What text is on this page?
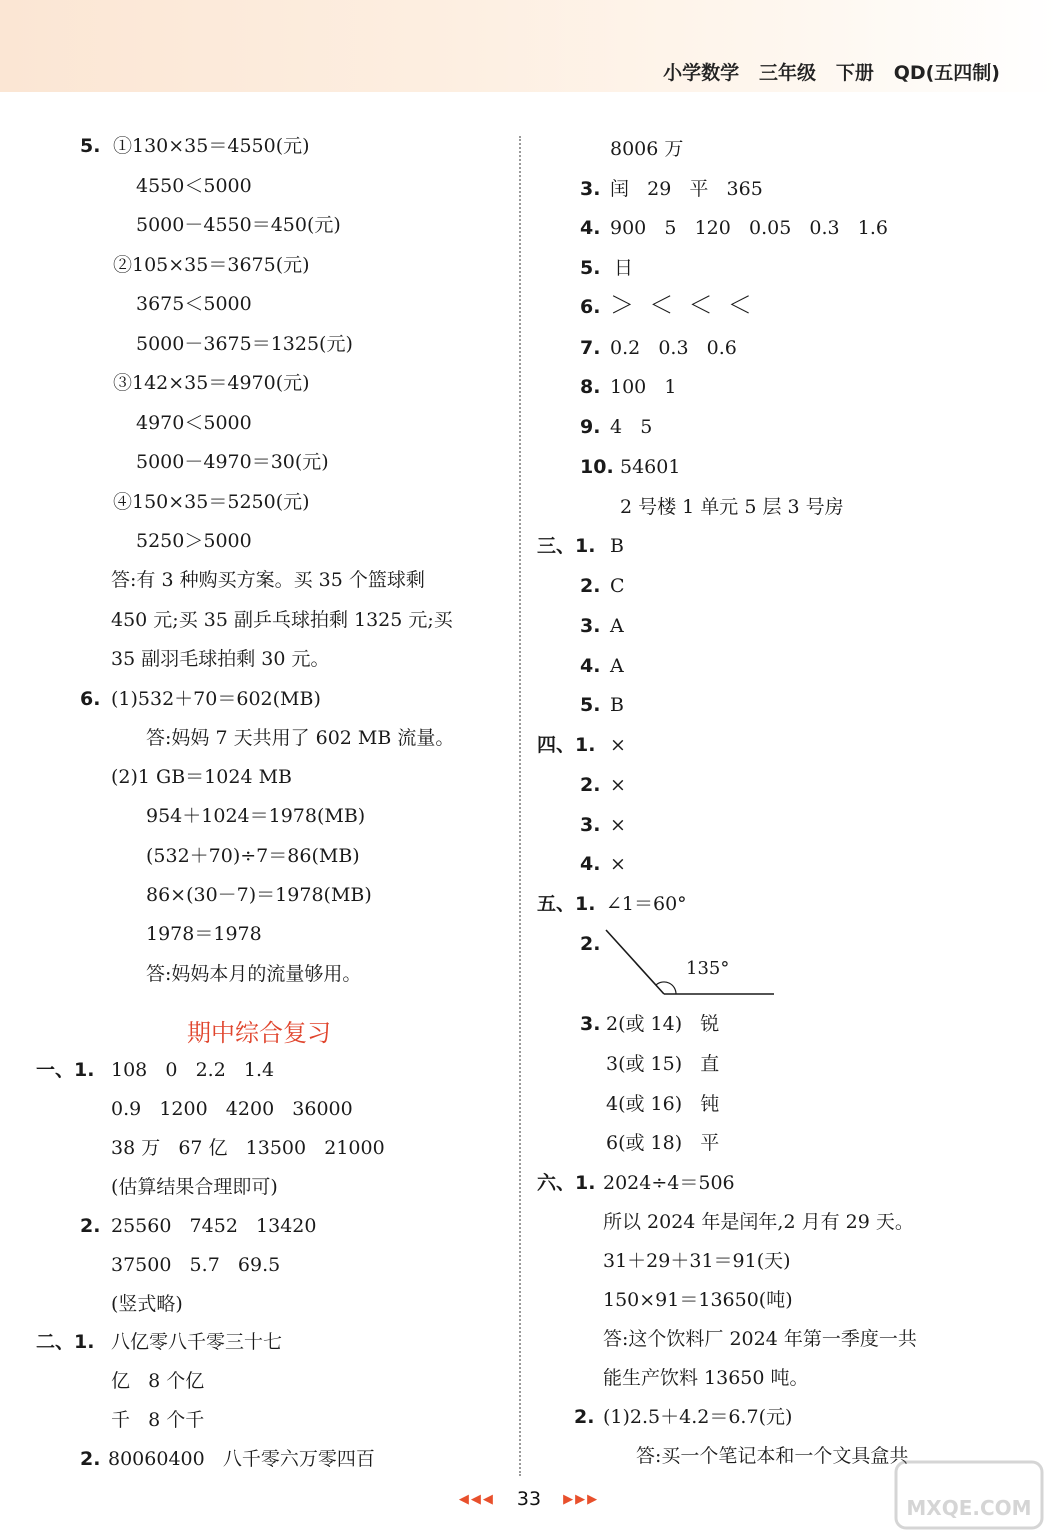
小学数学   三年级   下册   QD(五四制)
5. ①130×35＝4550(元)
4550＜5000
5000－4550＝450(元)
②105×35＝3675(元)
3675＜5000
5000－3675＝1325(元)
③142×35＝4970(元)
4970＜5000
5000－4970＝30(元)
④150×35＝5250(元)
5250＞5000
答:有 3 种购买方案。买 35 个篮球剩
450 元;买 35 副乒乓球拍剩 1325 元;买
35 副羽毛球拍剩 30 元。
6. (1)532＋70＝602(MB)
答:妈妈 7 天共用了 602 MB 流量。
(2)1 GB＝1024 MB
954＋1024＝1978(MB)
(532＋70)÷7＝86(MB)
86×(30－7)＝1978(MB)
1978＝1978
答:妈妈本月的流量够用。
期中综合复习
一、1. 108   0   2.2   1.4
0.9   1200   4200   36000
38 万   67 亿   13500   21000
(估算结果合理即可)
2. 25560   7452   13420
37500   5.7   69.5
(竖式略)
二、1. 八亿零八千零三十七
亿   8 个亿
千   8 个千
2. 80060400   八千零六万零四百
8006 万
3. 闰   29   平   365
4. 900   5   120   0.05   0.3   1.6
5. 日
6. ＞  ＜  ＜  ＜
7. 0.2   0.3   0.6
8. 100   1
9. 4   5
10. 54601
2 号楼 1 单元 5 层 3 号房
三、1. B
2. C
3. A
4. A
5. B
四、1. ×
2. ×
3. ×
4. ×
五、1. ∠1＝60°
2.
135°
3. 2(或 14)   锐
3(或 15)   直
4(或 16)   钝
6(或 18)   平
六、1. 2024÷4＝506
所以 2024 年是闰年,2 月有 29 天。
31＋29＋31＝91(天)
150×91＝13650(吨)
答:这个饮料厂 2024 年第一季度一共
能生产饮料 13650 吨。
2. (1)2.5＋4.2＝6.7(元)
答:买一个笔记本和一个文具盒共
◀◀◀ 33 ▶▶▶	MXQE.COM
